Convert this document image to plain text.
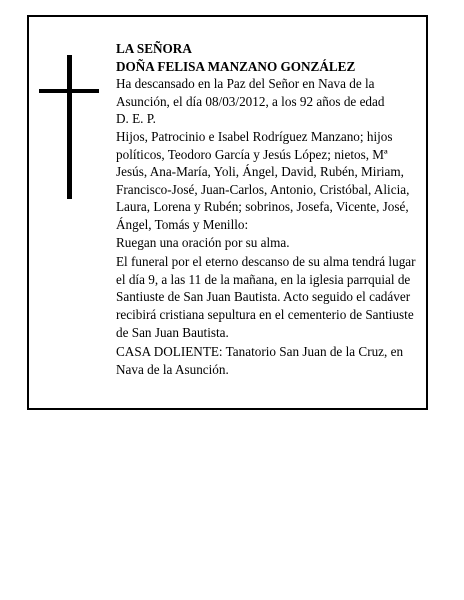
LA SEÑORA

DOÑA FELISA MANZANO GONZÁLEZ

Ha descansado en la Paz del Señor en Nava de la Asunción, el día 08/03/2012, a los 92 años de edad

D. E. P.

Hijos, Patrocinio e Isabel Rodríguez Manzano; hijos políticos, Teodoro García y Jesús López; nietos, Mª Jesús, Ana-María, Yoli, Ángel, David, Rubén, Miriam, Francisco-José, Juan-Carlos, Antonio, Cristóbal, Alicia, Laura, Lorena y Rubén; sobrinos, Josefa, Vicente, José, Ángel, Tomás y Menillo:

Ruegan una oración por su alma.

El funeral por el eterno descanso de su alma tendrá lugar el día 9, a las 11 de la mañana, en la iglesia parrquial de Santiuste de San Juan Bautista. Acto seguido el cadáver recibirá cristiana sepultura en el cementerio de Santiuste de San Juan Bautista.

CASA DOLIENTE: Tanatorio San Juan de la Cruz, en Nava de la Asunción.
